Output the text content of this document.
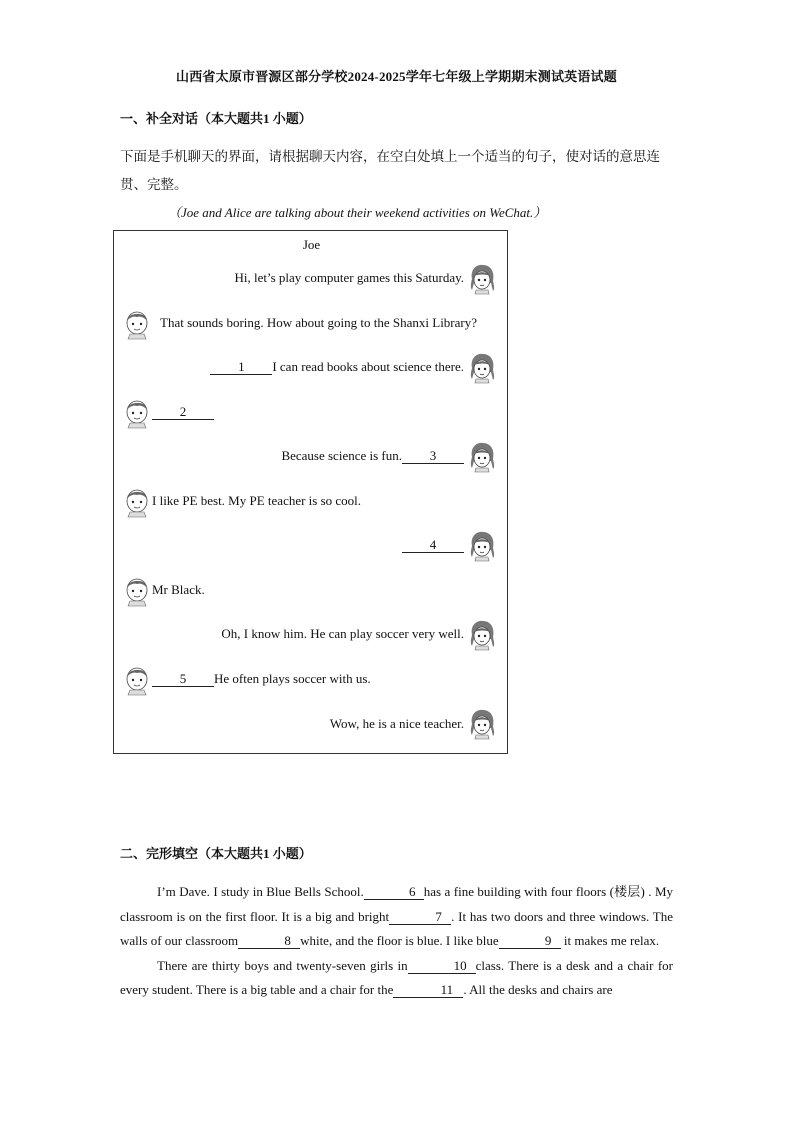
山西省太原市晋源区部分学校2024-2025学年七年级上学期期末测试英语试题
一、补全对话（本大题共1 小题）
下面是手机聊天的界面，请根据聊天内容，在空白处填上一个适当的句子，使对话的意思连贯、完整。
（Joe and Alice are talking about their weekend activities on WeChat.）
Joe
Hi, let’s play computer games this Saturday.
That sounds boring. How about going to the Shanxi Library?
1 I can read books about science there.
2
Because science is fun. 3
I like PE best. My PE teacher is so cool.
4
Mr Black.
Oh, I know him. He can play soccer very well.
5 He often plays soccer with us.
Wow, he is a nice teacher.
二、完形填空（本大题共1 小题）

I’m Dave. I study in Blue Bells School.	6 has a fine building with four floors (楼层) . My classroom is on the first floor. It is a big and bright	7 . It has two doors and three windows. The walls of our classroom	8 white, and the floor is blue. I like blue	9 it makes me relax.

There are thirty boys and twenty-seven girls in	10 class. There is a desk and a chair for every student. There is a big table and a chair for the	11 . All the desks and chairs are
